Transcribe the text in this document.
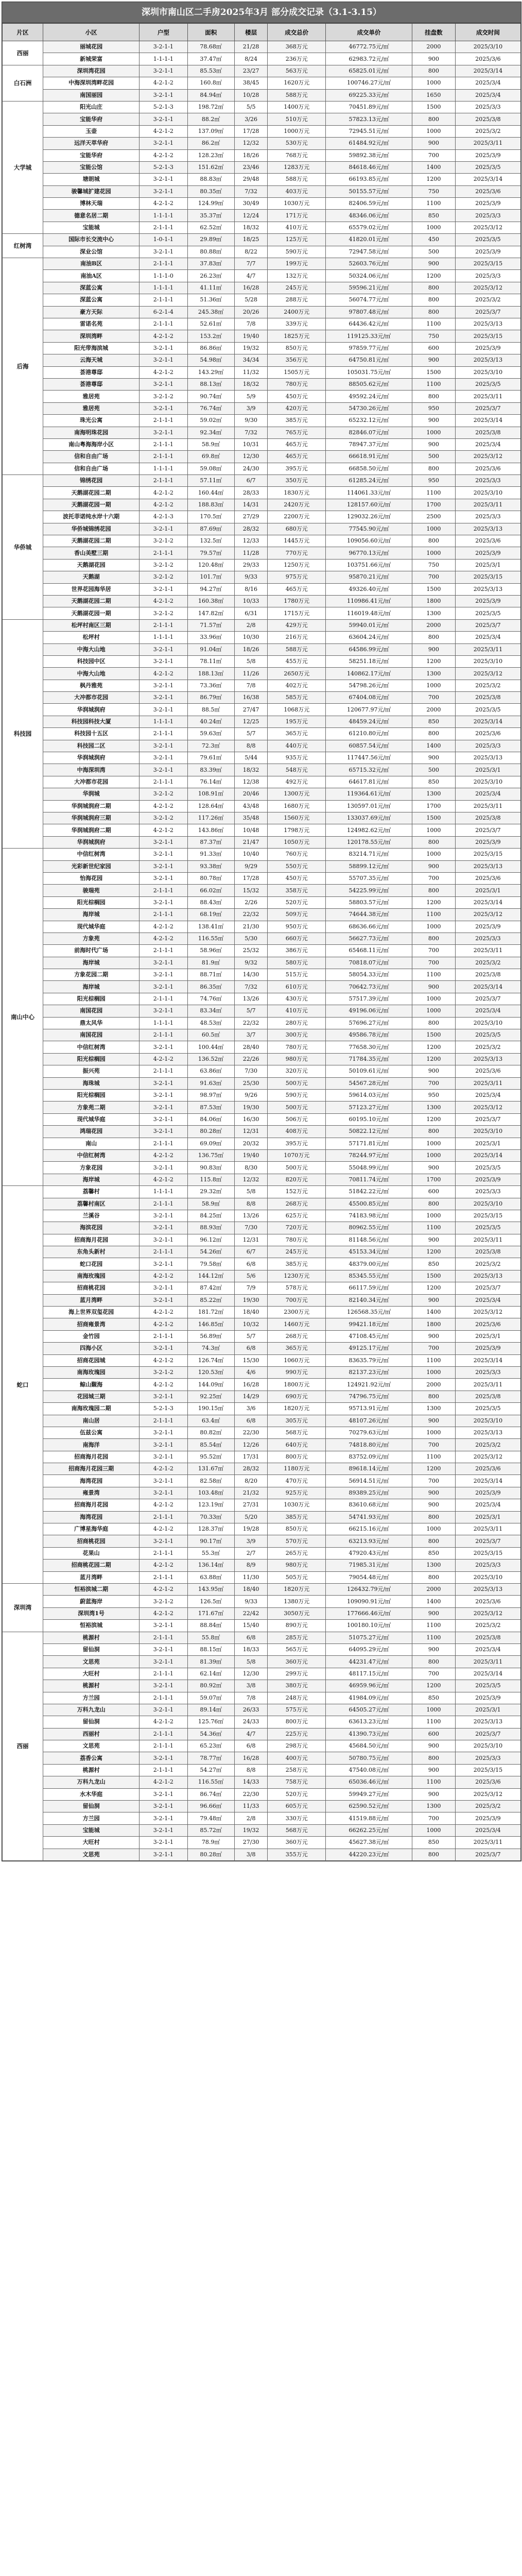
深圳市南山区二手房2025年3月 部分成交记录（3.1-3.15）
片区	小区	户型	面积	楼层	成交总价	成交单价	挂盘数	成交时间
西丽	丽城花园	3-2-1-1	78.68㎡	21/28	368万元	46772.75元/㎡	2000	2025/3/10
	新城荣富	1-1-1-1	37.47㎡	8/24	236万元	62983.72元/㎡	900	2025/3/6
白石洲	深圳湾花园	3-2-1-1	85.53㎡	23/27	563万元	65825.01元/㎡	800	2025/3/14
	中海深圳湾畔花园	4-2-1-2	160.8㎡	38/45	1620万元	100746.27元/㎡	1000	2025/3/4
	南国丽园	3-2-1-1	84.94㎡	10/28	588万元	69225.33元/㎡	1650	2025/3/4
大学城	阳光山庄	5-2-1-3	198.72㎡	5/5	1400万元	70451.89元/㎡	1500	2025/3/3
	宝能华府	3-2-1-1	88.2㎡	3/26	510万元	57823.13元/㎡	800	2025/3/8
	玉壶	4-2-1-2	137.09㎡	17/28	1000万元	72945.51元/㎡	1000	2025/3/2
	远洋天萃华府	3-2-1-1	86.2㎡	12/32	530万元	61484.92元/㎡	900	2025/3/11
	宝能华府	4-2-1-2	128.23㎡	18/26	768万元	59892.38元/㎡	700	2025/3/9
	宝能公馆	5-2-1-3	151.62㎡	23/46	1283万元	84618.46元/㎡	1400	2025/3/5
	塘朗城	3-2-1-1	88.83㎡	29/48	588万元	66193.85元/㎡	1200	2025/3/14
	骏馨城扩建花园	3-2-1-1	80.35㎡	7/32	403万元	50155.57元/㎡	750	2025/3/6
	博林天瑞	4-2-1-2	124.99㎡	30/49	1030万元	82406.59元/㎡	1100	2025/3/9
	德意名居二期	1-1-1-1	35.37㎡	12/24	171万元	48346.06元/㎡	850	2025/3/3
	宝能城	2-1-1-1	62.52㎡	18/32	410万元	65579.02元/㎡	1000	2025/3/12
红树湾	国际市长交流中心	1-0-1-1	29.89㎡	18/25	125万元	41820.01元/㎡	450	2025/3/5
	深业公馆	3-2-1-1	80.88㎡	8/22	590万元	72947.58元/㎡	500	2025/3/9
后海	南油B区	2-1-1-1	37.83㎡	7/7	199万元	52603.76元/㎡	900	2025/3/15
	南油A区	1-1-1-0	26.23㎡	4/7	132万元	50324.06元/㎡	1200	2025/3/3
	深蓝公寓	1-1-1-1	41.11㎡	16/28	245万元	59596.21元/㎡	800	2025/3/12
	深蓝公寓	2-1-1-1	51.36㎡	5/28	288万元	56074.77元/㎡	800	2025/3/2
	豪方天际	6-2-1-4	245.38㎡	20/26	2400万元	97807.48元/㎡	800	2025/3/7
	雷诺名苑	2-1-1-1	52.61㎡	7/8	339万元	64436.42元/㎡	1100	2025/3/13
	深圳湾畔	4-2-1-2	153.2㎡	19/40	1825万元	119125.33元/㎡	750	2025/3/15
	阳光带海滨城	3-2-1-1	86.86㎡	19/32	850万元	97859.77元/㎡	600	2025/3/9
	云海天城	3-2-1-1	54.98㎡	34/34	356万元	64750.81元/㎡	900	2025/3/13
	荟港尊邸	4-2-1-2	143.29㎡	11/32	1505万元	105031.75元/㎡	1500	2025/3/10
	荟港尊邸	3-2-1-1	88.13㎡	18/32	780万元	88505.62元/㎡	1100	2025/3/5
	雅居苑	3-2-1-2	90.74㎡	5/9	450万元	49592.24元/㎡	800	2025/3/11
	雅居苑	3-2-1-1	76.74㎡	3/9	420万元	54730.26元/㎡	950	2025/3/7
	珠光公寓	2-1-1-1	59.02㎡	9/30	385万元	65232.12元/㎡	900	2025/3/14
	南海明珠花园	3-2-1-1	92.34㎡	7/32	765万元	82846.07元/㎡	1000	2025/3/8
	南山粤海海岸小区	2-1-1-1	58.9㎡	10/31	465万元	78947.37元/㎡	900	2025/3/4
	信和自由广场	2-1-1-1	69.8㎡	12/30	465万元	66618.91元/㎡	500	2025/3/12
	信和自由广场	1-1-1-1	59.08㎡	24/30	395万元	66858.50元/㎡	800	2025/3/6
华侨城	锦绣花园	2-1-1-1	57.11㎡	6/7	350万元	61285.24元/㎡	950	2025/3/3
	天鹅湖花园二期	4-2-1-2	160.44㎡	28/33	1830万元	114061.33元/㎡	1100	2025/3/10
	天鹅湖花园一期	4-2-1-2	188.83㎡	14/31	2420万元	128157.60元/㎡	1700	2025/3/11
	波托菲诺纯水岸十六期	4-2-1-3	170.5㎡	27/29	2200万元	129032.26元/㎡	2500	2025/3/3
	华侨城锦绣花园	3-2-1-1	87.69㎡	28/32	680万元	77545.90元/㎡	1000	2025/3/13
	天鹅湖花园二期	3-2-1-2	132.5㎡	12/33	1445万元	109056.60元/㎡	800	2025/3/6
	香山美墅三期	2-1-1-1	79.57㎡	11/28	770万元	96770.13元/㎡	1000	2025/3/9
	天鹅湖花园	3-2-1-2	120.48㎡	29/33	1250万元	103751.66元/㎡	750	2025/3/1
	天鹅湖	3-2-1-2	101.7㎡	9/33	975万元	95870.21元/㎡	700	2025/3/15
	世界花园海华居	3-2-1-1	94.27㎡	8/16	465万元	49326.40元/㎡	1500	2025/3/13
	天鹅湖花园二期	4-2-1-2	160.38㎡	10/33	1780万元	110986.41元/㎡	1800	2025/3/9
	天鹅湖花园一期	3-2-1-2	147.82㎡	6/31	1715万元	116019.48元/㎡	1300	2025/3/5
科技园	松坪村南区三期	2-1-1-1	71.57㎡	2/8	429万元	59940.01元/㎡	2000	2025/3/7
	松坪村	1-1-1-1	33.96㎡	10/30	216万元	63604.24元/㎡	800	2025/3/4
	中海大山地	3-2-1-1	91.04㎡	18/26	588万元	64586.99元/㎡	900	2025/3/11
	科技园中区	3-2-1-1	78.11㎡	5/8	455万元	58251.18元/㎡	1200	2025/3/10
	中海大山地	4-2-1-2	188.13㎡	11/26	2650万元	140862.17元/㎡	1300	2025/3/12
	枫丹雅苑	3-2-1-1	73.36㎡	7/8	402万元	54798.26元/㎡	1000	2025/3/2
	大冲都市花园	3-2-1-1	86.79㎡	16/38	585万元	67404.08元/㎡	700	2025/3/8
	华润城润府	3-2-1-1	88.5㎡	27/47	1068万元	120677.97元/㎡	2000	2025/3/5
	科技园科技大厦	1-1-1-1	40.24㎡	12/25	195万元	48459.24元/㎡	850	2025/3/14
	科技园十五区	2-1-1-1	59.63㎡	5/7	365万元	61210.80元/㎡	800	2025/3/6
	科技园二区	3-2-1-1	72.3㎡	8/8	440万元	60857.54元/㎡	1400	2025/3/3
	华润城润府	3-2-1-1	79.61㎡	5/44	935万元	117447.56元/㎡	900	2025/3/13
	中海深圳湾	3-2-1-1	83.39㎡	18/32	548万元	65715.32元/㎡	500	2025/3/1
	大冲都市花园	2-1-1-1	76.14㎡	12/38	492万元	64617.81元/㎡	850	2025/3/10
	华润城	3-2-1-2	108.91㎡	20/46	1300万元	119364.61元/㎡	1300	2025/3/4
	华润城润府二期	4-2-1-2	128.64㎡	43/48	1680万元	130597.01元/㎡	1700	2025/3/11
	华润城润府三期	3-2-1-2	117.26㎡	35/48	1560万元	133037.69元/㎡	1500	2025/3/8
	华润城润府二期	4-2-1-2	143.86㎡	10/48	1798万元	124982.62元/㎡	1000	2025/3/7
	华润城润府	3-2-1-1	87.37㎡	21/47	1050万元	120178.55元/㎡	800	2025/3/9
南山中心	中信红树湾	3-2-1-1	91.33㎡	10/40	760万元	83214.71元/㎡	1000	2025/3/15
	光彩新世纪家园	3-2-1-1	93.38㎡	9/29	550万元	58899.12元/㎡	900	2025/3/13
	怡海花园	3-2-1-1	80.78㎡	17/28	450万元	55707.35元/㎡	700	2025/3/6
	骏瑞苑	2-1-1-1	66.02㎡	15/32	358万元	54225.99元/㎡	800	2025/3/1
	阳光棕榈园	3-2-1-1	88.43㎡	2/26	520万元	58803.57元/㎡	1200	2025/3/14
	海岸城	2-1-1-1	68.19㎡	22/32	509万元	74644.38元/㎡	1100	2025/3/12
	现代城华庭	4-2-1-2	138.41㎡	21/30	950万元	68636.66元/㎡	1000	2025/3/9
	方象苑	4-2-1-2	116.55㎡	5/30	660万元	56627.73元/㎡	800	2025/3/3
	前海时代广场	2-1-1-1	58.96㎡	25/32	386万元	65468.11元/㎡	700	2025/3/11
	海岸城	3-2-1-1	81.9㎡	9/32	580万元	70818.07元/㎡	700	2025/3/2
	方象花园二期	3-2-1-1	88.71㎡	14/30	515万元	58054.33元/㎡	1100	2025/3/8
	海岸城	3-2-1-1	86.35㎡	7/32	610万元	70642.73元/㎡	900	2025/3/14
	阳光棕榈园	2-1-1-1	74.76㎡	13/26	430万元	57517.39元/㎡	1000	2025/3/7
	南国花园	3-2-1-1	83.34㎡	5/7	410万元	49196.06元/㎡	1000	2025/3/4
	鼎太风华	1-1-1-1	48.53㎡	22/32	280万元	57696.27元/㎡	800	2025/3/10
	南国花园	2-1-1-1	60.5㎡	3/7	300万元	49586.78元/㎡	1500	2025/3/5
	中信红树湾	3-2-1-1	100.44㎡	28/40	780万元	77658.30元/㎡	1200	2025/3/2
	阳光棕榈园	4-2-1-2	136.52㎡	22/26	980万元	71784.35元/㎡	1200	2025/3/13
	振兴苑	2-1-1-1	63.86㎡	7/30	320万元	50109.61元/㎡	900	2025/3/6
	海珠城	3-2-1-1	91.63㎡	25/30	500万元	54567.28元/㎡	700	2025/3/11
	阳光棕榈园	3-2-1-1	98.97㎡	9/26	590万元	59614.03元/㎡	950	2025/3/4
	方象苑二期	3-2-1-1	87.53㎡	19/30	500万元	57123.27元/㎡	1300	2025/3/12
	现代城华庭	3-2-1-1	84.06㎡	16/30	506万元	60195.10元/㎡	1200	2025/3/7
	鸿瑞花园	3-2-1-1	80.28㎡	12/31	408万元	50822.12元/㎡	800	2025/3/10
	南山	2-1-1-1	69.09㎡	20/32	395万元	57171.81元/㎡	1000	2025/3/1
	中信红树湾	4-2-1-2	136.75㎡	19/40	1070万元	78244.97元/㎡	1000	2025/3/14
	方象花园	3-2-1-1	90.83㎡	8/30	500万元	55048.99元/㎡	900	2025/3/5
	海岸城	4-2-1-2	115.8㎡	12/32	820万元	70811.74元/㎡	1700	2025/3/9
蛇口	荔馨村	1-1-1-1	29.32㎡	5/8	152万元	51842.22元/㎡	600	2025/3/3
	荔馨村南区	2-1-1-1	58.9㎡	8/8	268万元	45500.85元/㎡	800	2025/3/10
	兰溪谷	3-2-1-1	84.25㎡	13/26	625万元	74183.98元/㎡	1000	2025/3/15
	海滨花园	3-2-1-1	88.93㎡	7/30	720万元	80962.55元/㎡	1100	2025/3/5
	招商海月花园	3-2-1-1	96.12㎡	12/31	780万元	81148.56元/㎡	900	2025/3/11
	东角头新村	2-1-1-1	54.26㎡	6/7	245万元	45153.34元/㎡	1200	2025/3/8
	蛇口花园	3-2-1-1	79.58㎡	6/8	385万元	48379.00元/㎡	850	2025/3/2
	南海玫瑰园	4-2-1-2	144.12㎡	5/6	1230万元	85345.55元/㎡	1500	2025/3/13
	招商桃花园	3-2-1-1	87.42㎡	7/9	578万元	66117.59元/㎡	1200	2025/3/7
	蓝月湾畔	3-2-1-1	85.22㎡	19/30	700万元	82140.34元/㎡	900	2025/3/4
	海上世界双玺花园	4-2-1-2	181.72㎡	18/40	2300万元	126568.35元/㎡	1400	2025/3/12
	招商雍景湾	4-2-1-2	146.85㎡	10/32	1460万元	99421.18元/㎡	1800	2025/3/6
	金竹园	2-1-1-1	56.89㎡	5/7	268万元	47108.45元/㎡	900	2025/3/1
	四海小区	3-2-1-1	74.3㎡	6/8	365万元	49125.17元/㎡	700	2025/3/9
	招商花园城	4-2-1-2	126.74㎡	15/30	1060万元	83635.79元/㎡	1100	2025/3/14
	南海玫瑰园	3-2-1-2	120.53㎡	4/6	990万元	82137.23元/㎡	1000	2025/3/3
	鲸山觐海	4-2-1-2	144.09㎡	16/28	1800万元	124921.92元/㎡	2000	2025/3/11
	花园城三期	3-2-1-1	92.25㎡	14/29	690万元	74796.75元/㎡	800	2025/3/8
	南海玫瑰园二期	5-2-1-3	190.15㎡	3/6	1820万元	95713.91元/㎡	1300	2025/3/5
	南山居	2-1-1-1	63.4㎡	6/8	305万元	48107.26元/㎡	900	2025/3/10
	伍兹公寓	3-2-1-1	80.82㎡	22/30	568万元	70279.63元/㎡	1000	2025/3/13
	南海洋	3-2-1-1	85.54㎡	12/26	640万元	74818.80元/㎡	700	2025/3/2
	招商海月花园	3-2-1-1	95.52㎡	17/31	800万元	83752.09元/㎡	1100	2025/3/12
	招商海月花园三期	4-2-1-2	131.67㎡	28/32	1180万元	89618.14元/㎡	1200	2025/3/6
	海湾花园	3-2-1-1	82.58㎡	8/20	470万元	56914.51元/㎡	700	2025/3/14
	雍景湾	3-2-1-1	103.48㎡	21/32	925万元	89389.25元/㎡	900	2025/3/9
	招商海月花园	4-2-1-2	123.19㎡	27/31	1030万元	83610.68元/㎡	900	2025/3/4
	海湾花园	2-1-1-1	70.33㎡	5/20	385万元	54741.93元/㎡	800	2025/3/1
	广博星海华庭	4-2-1-2	128.37㎡	19/28	850万元	66215.16元/㎡	1000	2025/3/11
	招商桃花园	3-2-1-1	90.17㎡	3/9	570万元	63213.93元/㎡	800	2025/3/7
	花果山	2-1-1-1	55.3㎡	2/7	265万元	47920.43元/㎡	850	2025/3/15
	招商桃花园二期	4-2-1-2	136.14㎡	8/9	980万元	71985.31元/㎡	1300	2025/3/3
	蓝月湾畔	2-1-1-1	63.88㎡	11/30	505万元	79054.48元/㎡	800	2025/3/10
深圳湾	恒裕滨城二期	4-2-1-2	143.95㎡	18/40	1820万元	126432.79元/㎡	2000	2025/3/13
	蔚蓝海岸	3-2-1-2	126.5㎡	9/33	1380万元	109090.91元/㎡	1400	2025/3/6
	深圳湾1号	4-2-1-2	171.67㎡	22/42	3050万元	177666.46元/㎡	900	2025/3/12
	恒裕滨城	3-2-1-1	88.84㎡	15/40	890万元	100180.10元/㎡	1100	2025/3/2
西丽	桃源村	2-1-1-1	55.8㎡	6/8	285万元	51075.27元/㎡	1100	2025/3/8
	留仙洞	3-2-1-1	88.15㎡	18/33	565万元	64095.29元/㎡	900	2025/3/4
	文思苑	3-2-1-1	81.39㎡	5/8	360万元	44231.47元/㎡	800	2025/3/11
	大旺村	2-1-1-1	62.14㎡	12/30	299万元	48117.15元/㎡	700	2025/3/14
	桃源村	3-2-1-1	80.92㎡	3/8	380万元	46959.96元/㎡	1200	2025/3/5
	方兰园	2-1-1-1	59.07㎡	7/8	248万元	41984.09元/㎡	850	2025/3/9
	万科九龙山	3-2-1-1	89.14㎡	26/33	575万元	64505.27元/㎡	1000	2025/3/1
	留仙洞	4-2-1-2	125.76㎡	24/33	800万元	63613.23元/㎡	1100	2025/3/13
	西丽村	2-1-1-1	54.36㎡	4/7	225万元	41390.73元/㎡	600	2025/3/7
	文思苑	2-1-1-1	65.23㎡	6/8	298万元	45684.50元/㎡	900	2025/3/10
	荔香公寓	3-2-1-1	78.77㎡	16/28	400万元	50780.75元/㎡	800	2025/3/3
	桃源村	2-1-1-1	54.27㎡	8/8	258万元	47540.08元/㎡	900	2025/3/15
	万科九龙山	4-2-1-2	116.55㎡	14/33	758万元	65036.46元/㎡	1100	2025/3/6
	水木华庭	3-2-1-1	86.74㎡	22/30	520万元	59949.27元/㎡	900	2025/3/12
	留仙洞	3-2-1-1	96.66㎡	11/33	605万元	62590.52元/㎡	1300	2025/3/2
	方兰园	3-2-1-1	79.48㎡	2/8	330万元	41519.88元/㎡	700	2025/3/9
	宝能城	3-2-1-1	85.72㎡	19/32	568万元	66262.25元/㎡	1000	2025/3/4
	大旺村	3-2-1-1	78.9㎡	27/30	360万元	45627.38元/㎡	850	2025/3/11
	文思苑	3-2-1-1	80.28㎡	3/8	355万元	44220.23元/㎡	800	2025/3/7
